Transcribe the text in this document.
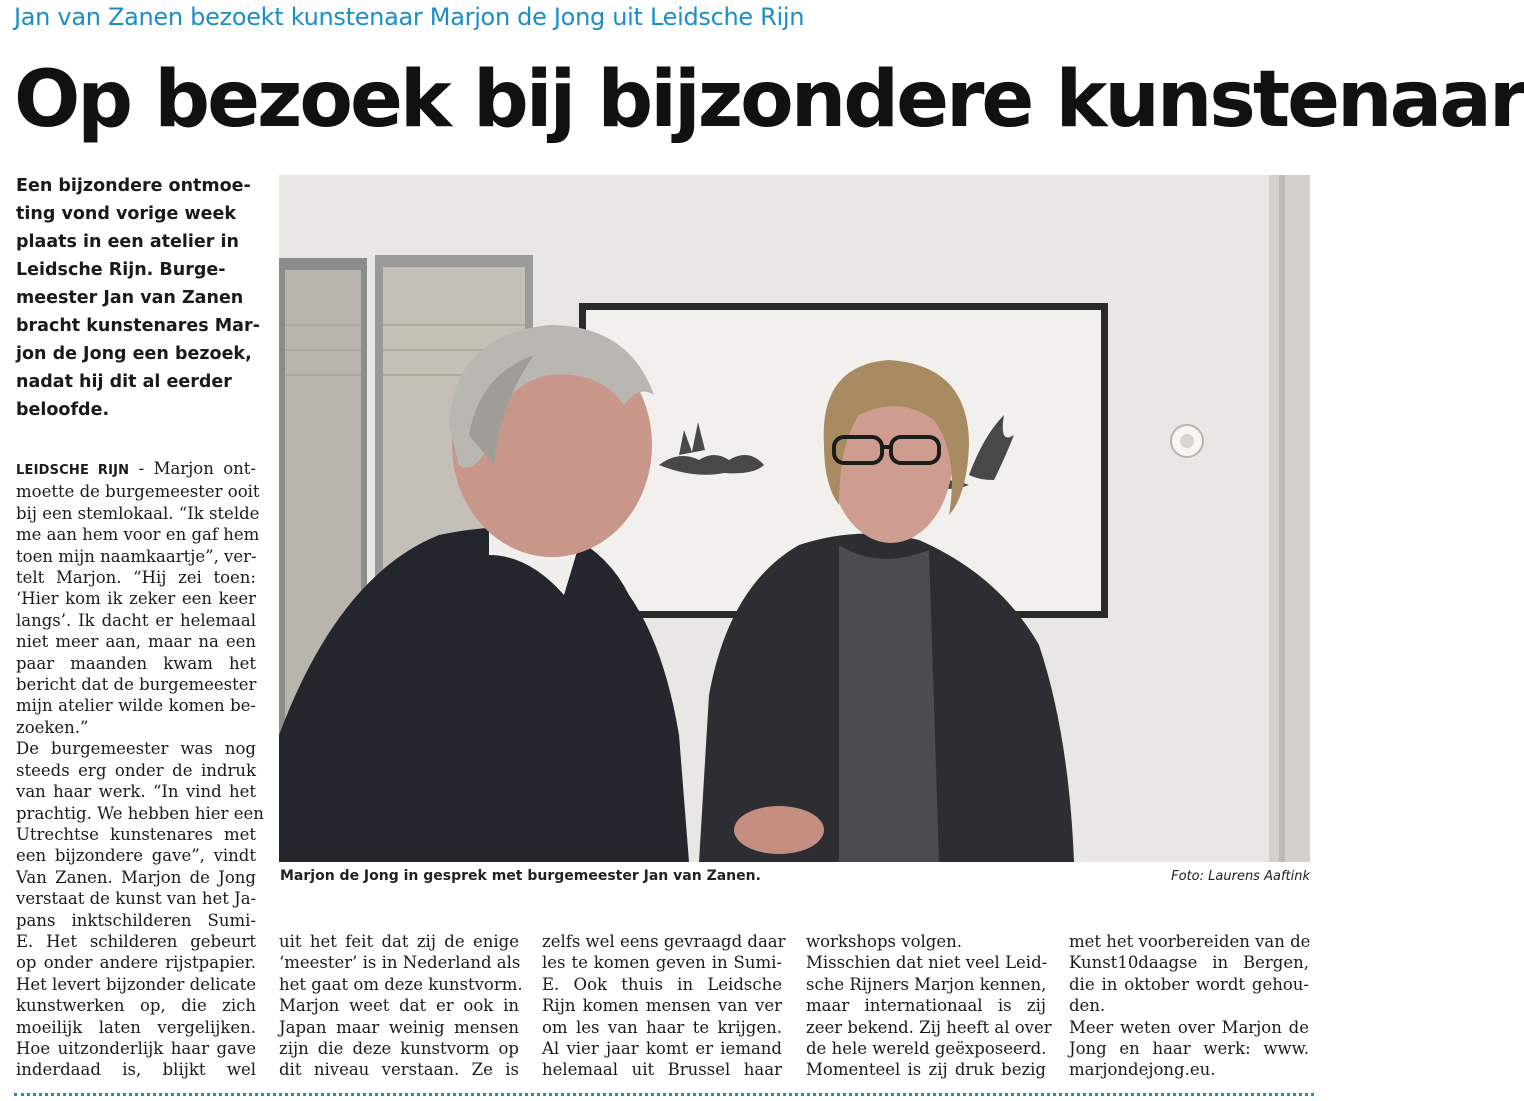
Jan van Zanen bezoekt kunstenaar Marjon de Jong uit Leidsche Rijn
Op bezoek bij bijzondere kunstenaar
Een bijzondere ontmoe-
ting vond vorige week
plaats in een atelier in
Leidsche Rijn. Burge-
meester Jan van Zanen
bracht kunstenares Mar-
jon de Jong een bezoek,
nadat hij dit al eerder
beloofde.
LEIDSCHE RIJN - Marjon ont-
moette de burgemeester ooit
bij een stemlokaal. “Ik stelde
me aan hem voor en gaf hem
toen mijn naamkaartje”, ver-
telt Marjon. “Hij zei toen:
‘Hier kom ik zeker een keer
langs’. Ik dacht er helemaal
niet meer aan, maar na een
paar maanden kwam het
bericht dat de burgemeester
mijn atelier wilde komen be-
zoeken.”
De burgemeester was nog
steeds erg onder de indruk
van haar werk. “In vind het
prachtig. We hebben hier een
Utrechtse kunstenares met
een bijzondere gave”, vindt
Van Zanen. Marjon de Jong
verstaat de kunst van het Ja-
pans inktschilderen Sumi-
E. Het schilderen gebeurt
op onder andere rijstpapier.
Het levert bijzonder delicate
kunstwerken op, die zich
moeilijk laten vergelijken.
Hoe uitzonderlijk haar gave
inderdaad is, blijkt wel
Marjon de Jong in gesprek met burgemeester Jan van Zanen.	Foto: Laurens Aaftink
uit het feit dat zij de enige
‘meester’ is in Nederland als
het gaat om deze kunstvorm.
Marjon weet dat er ook in
Japan maar weinig mensen
zijn die deze kunstvorm op
dit niveau verstaan. Ze is
zelfs wel eens gevraagd daar
les te komen geven in Sumi-
E. Ook thuis in Leidsche
Rijn komen mensen van ver
om les van haar te krijgen.
Al vier jaar komt er iemand
helemaal uit Brussel haar
workshops volgen.
Misschien dat niet veel Leid-
sche Rijners Marjon kennen,
maar internationaal is zij
zeer bekend. Zij heeft al over
de hele wereld geëxposeerd.
Momenteel is zij druk bezig
met het voorbereiden van de
Kunst10daagse in Bergen,
die in oktober wordt gehou-
den.
Meer weten over Marjon de
Jong en haar werk: www.
marjondejong.eu.
